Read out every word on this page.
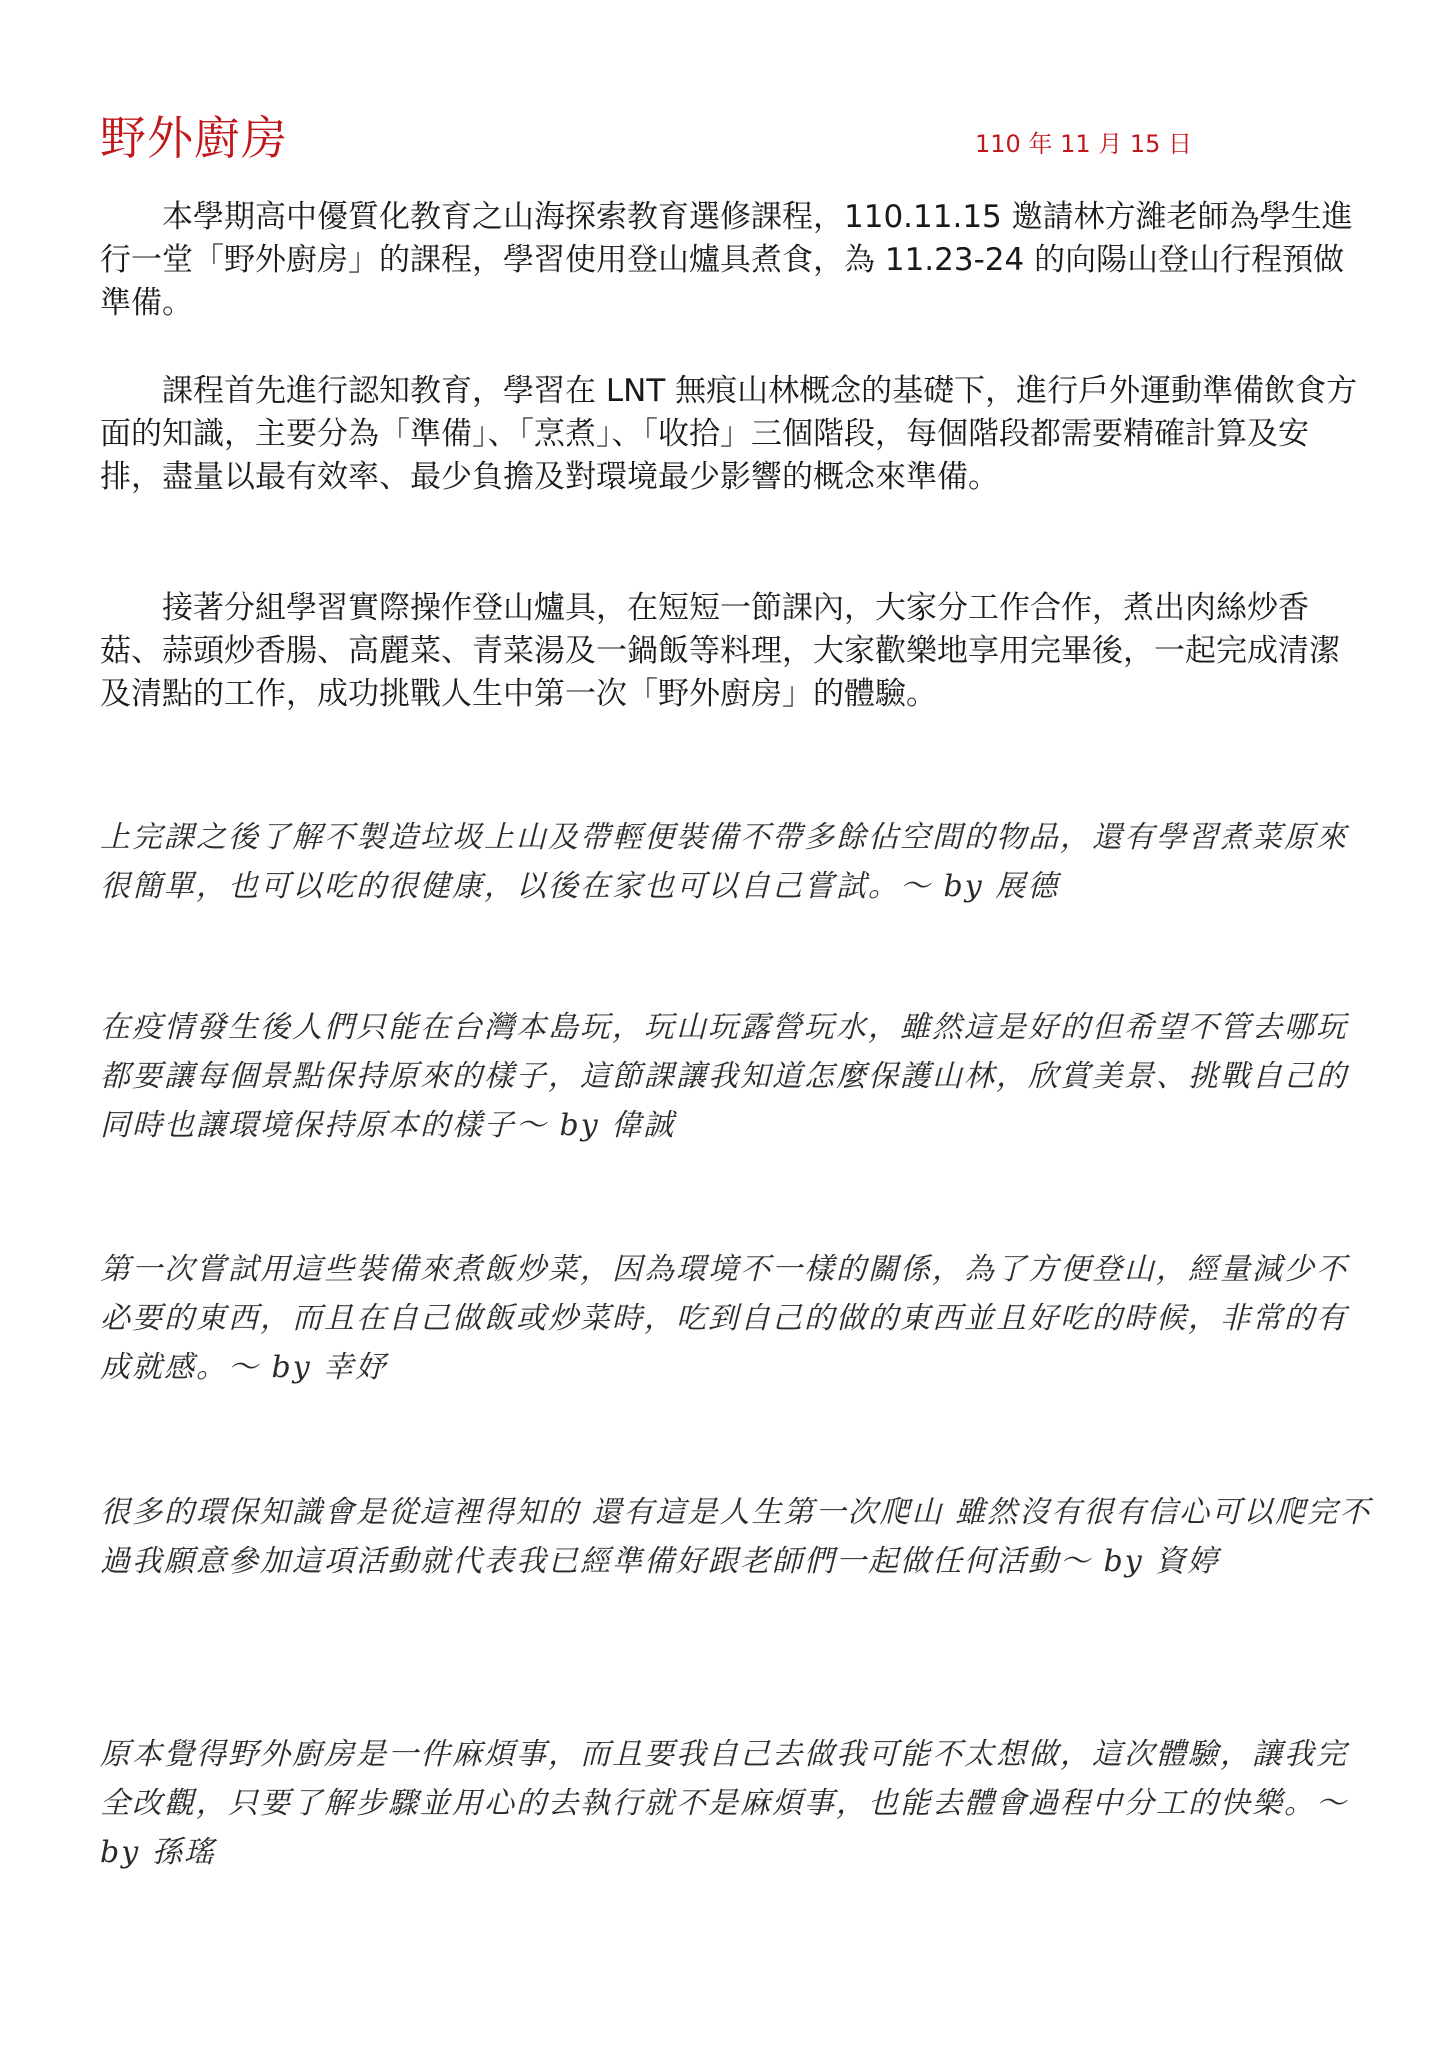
野外廚房	110 年 11 月 15 日

本學期高中優質化教育之山海探索教育選修課程，110.11.15 邀請林方濰老師為學生進行一堂「野外廚房」的課程，學習使用登山爐具煮食，為 11.23-24 的向陽山登山行程預做準備。

課程首先進行認知教育，學習在 LNT 無痕山林概念的基礎下，進行戶外運動準備飲食方面的知識，主要分為「準備」、「烹煮」、「收拾」三個階段，每個階段都需要精確計算及安排，盡量以最有效率、最少負擔及對環境最少影響的概念來準備。

接著分組學習實際操作登山爐具，在短短一節課內，大家分工作合作，煮出肉絲炒香菇、蒜頭炒香腸、高麗菜、青菜湯及一鍋飯等料理，大家歡樂地享用完畢後，一起完成清潔及清點的工作，成功挑戰人生中第一次「野外廚房」的體驗。

上完課之後了解不製造垃圾上山及帶輕便裝備不帶多餘佔空間的物品，還有學習煮菜原來很簡單，也可以吃的很健康，以後在家也可以自己嘗試。～ by 展德

在疫情發生後人們只能在台灣本島玩，玩山玩露營玩水，雖然這是好的但希望不管去哪玩都要讓每個景點保持原來的樣子，這節課讓我知道怎麼保護山林，欣賞美景、挑戰自己的同時也讓環境保持原本的樣子～ by 偉誠

第一次嘗試用這些裝備來煮飯炒菜，因為環境不一樣的關係，為了方便登山，經量減少不必要的東西，而且在自己做飯或炒菜時，吃到自己的做的東西並且好吃的時候，非常的有成就感。～ by 幸妤

很多的環保知識會是從這裡得知的 還有這是人生第一次爬山 雖然沒有很有信心可以爬完不過我願意參加這項活動就代表我已經準備好跟老師們一起做任何活動～ by 資婷

原本覺得野外廚房是一件麻煩事，而且要我自己去做我可能不太想做，這次體驗，讓我完全改觀，只要了解步驟並用心的去執行就不是麻煩事，也能去體會過程中分工的快樂。～ by 孫瑤
